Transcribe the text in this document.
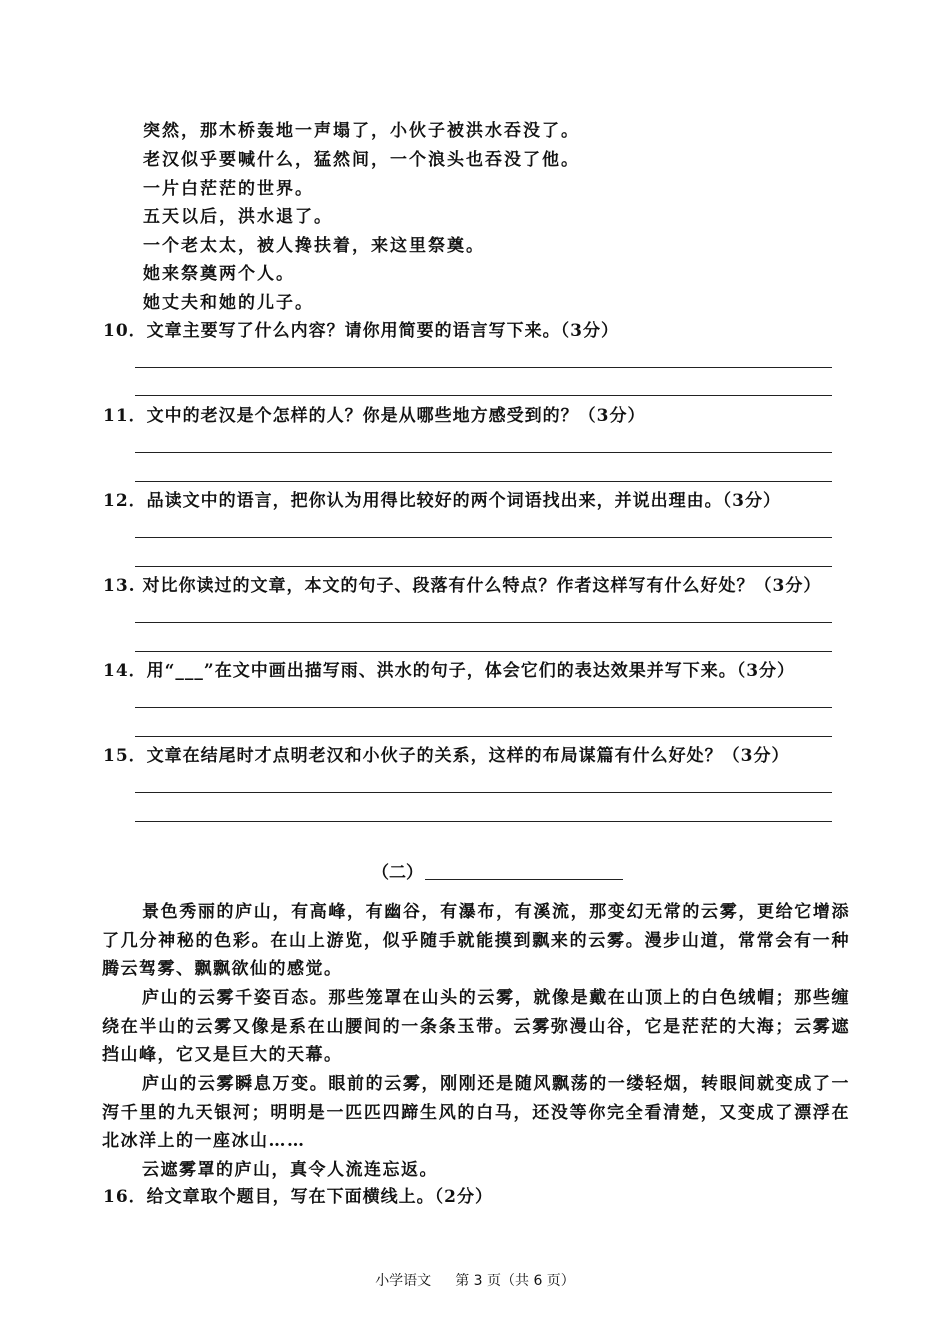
突然，那木桥轰地一声塌了，小伙子被洪水吞没了。
老汉似乎要喊什么，猛然间，一个浪头也吞没了他。
一片白茫茫的世界。
五天以后，洪水退了。
一个老太太，被人搀扶着，来这里祭奠。
她来祭奠两个人。
她丈夫和她的儿子。
10．文章主要写了什么内容？请你用简要的语言写下来。（3分）
11．文中的老汉是个怎样的人？你是从哪些地方感受到的？（3分）
12．品读文中的语言，把你认为用得比较好的两个词语找出来，并说出理由。（3分）
13. 对比你读过的文章，本文的句子、段落有什么特点？作者这样写有什么好处？（3分）
14．用“___”在文中画出描写雨、洪水的句子，体会它们的表达效果并写下来。（3分）
15．文章在结尾时才点明老汉和小伙子的关系，这样的布局谋篇有什么好处？（3分）
（二）
景色秀丽的庐山，有高峰，有幽谷，有瀑布，有溪流，那变幻无常的云雾，更给它增添了几分神秘的色彩。在山上游览，似乎随手就能摸到飘来的云雾。漫步山道，常常会有一种腾云驾雾、飘飘欲仙的感觉。
庐山的云雾千姿百态。那些笼罩在山头的云雾，就像是戴在山顶上的白色绒帽；那些缠绕在半山的云雾又像是系在山腰间的一条条玉带。云雾弥漫山谷，它是茫茫的大海；云雾遮挡山峰，它又是巨大的天幕。
庐山的云雾瞬息万变。眼前的云雾，刚刚还是随风飘荡的一缕轻烟，转眼间就变成了一泻千里的九天银河；明明是一匹匹四蹄生风的白马，还没等你完全看清楚，又变成了漂浮在北冰洋上的一座冰山……
云遮雾罩的庐山，真令人流连忘返。
16．给文章取个题目，写在下面横线上。（2分）
小学语文 第 3 页（共 6 页）
